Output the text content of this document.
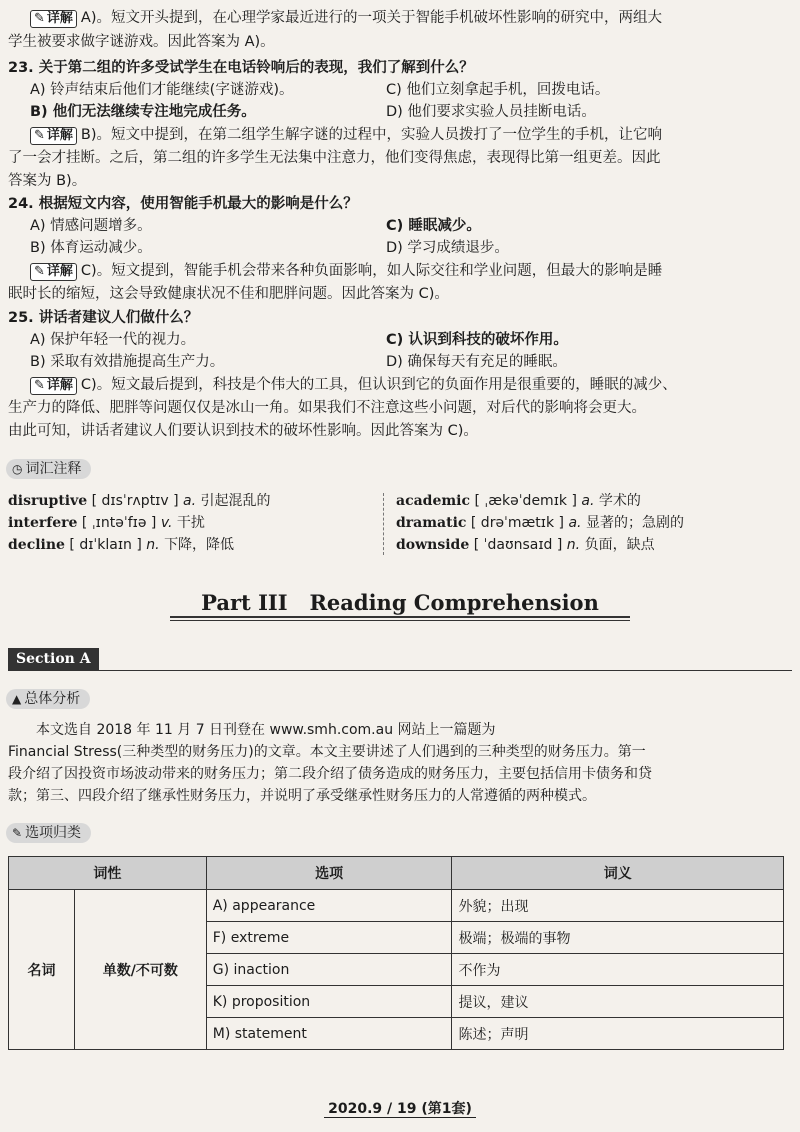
✎ 详解 A)。短文开头提到，在心理学家最近进行的一项关于智能手机破坏性影响的研究中，两组大
学生被要求做字谜游戏。因此答案为 A)。
23. 关于第二组的许多受试学生在电话铃响后的表现，我们了解到什么？
A) 铃声结束后他们才能继续(字谜游戏)。	C) 他们立刻拿起手机，回拨电话。
B) 他们无法继续专注地完成任务。	D) 他们要求实验人员挂断电话。
✎ 详解 B)。短文中提到，在第二组学生解字谜的过程中，实验人员拨打了一位学生的手机，让它响
了一会才挂断。之后，第二组的许多学生无法集中注意力，他们变得焦虑，表现得比第一组更差。因此
答案为 B)。
24. 根据短文内容，使用智能手机最大的影响是什么？
A) 情感问题增多。	C) 睡眠减少。
B) 体育运动减少。	D) 学习成绩退步。
✎ 详解 C)。短文提到，智能手机会带来各种负面影响，如人际交往和学业问题，但最大的影响是睡
眠时长的缩短，这会导致健康状况不佳和肥胖问题。因此答案为 C)。
25. 讲话者建议人们做什么？
A) 保护年轻一代的视力。	C) 认识到科技的破坏作用。
B) 采取有效措施提高生产力。	D) 确保每天有充足的睡眠。
✎ 详解 C)。短文最后提到，科技是个伟大的工具，但认识到它的负面作用是很重要的，睡眠的减少、
生产力的降低、肥胖等问题仅仅是冰山一角。如果我们不注意这些小问题，对后代的影响将会更大。
由此可知，讲话者建议人们要认识到技术的破坏性影响。因此答案为 C)。
◷ 词汇注释
disruptive [ dɪsˈrʌptɪv ] a. 引起混乱的
interfere [ ˌɪntəˈfɪə ] v. 干扰
decline [ dɪˈklaɪn ] n. 下降，降低
academic [ ˌækəˈdemɪk ] a. 学术的
dramatic [ drəˈmætɪk ] a. 显著的；急剧的
downside [ ˈdaʊnsaɪd ] n. 负面，缺点
Part III   Reading Comprehension
Section A
▲ 总体分析
本文选自 2018 年 11 月 7 日刊登在 www.smh.com.au 网站上一篇题为
Financial Stress(三种类型的财务压力)的文章。本文主要讲述了人们遇到的三种类型的财务压力。第一
段介绍了因投资市场波动带来的财务压力；第二段介绍了债务造成的财务压力，主要包括信用卡债务和贷
款；第三、四段介绍了继承性财务压力，并说明了承受继承性财务压力的人常遵循的两种模式。
✎ 选项归类
词性		选项	词义
名词	单数/不可数	A) appearance	外貌；出现
		F) extreme	极端；极端的事物
		G) inaction	不作为
		K) proposition	提议，建议
		M) statement	陈述；声明
2020.9 / 19 (第1套)
